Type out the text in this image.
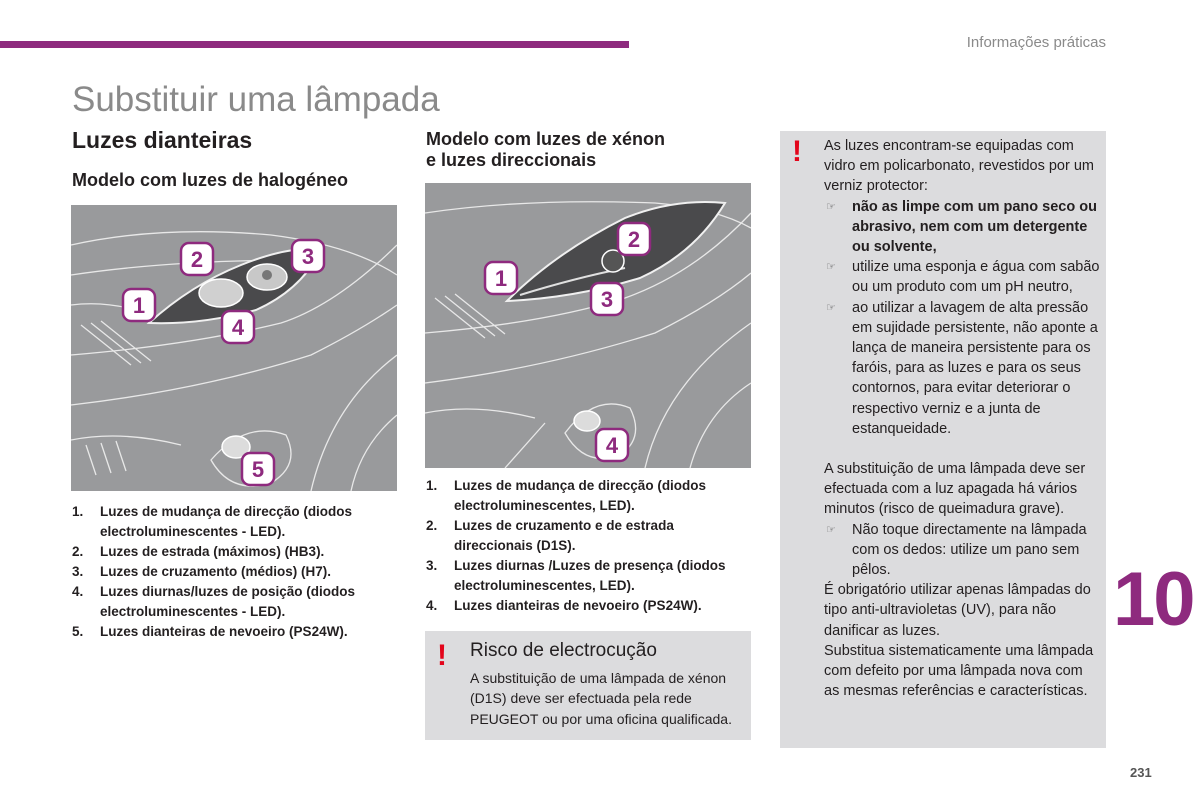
Informações práticas
Substituir uma lâmpada
Luzes dianteiras
Modelo com luzes de halogéneo
1
2	3
4
5
1. Luzes de mudança de direcção (diodos electroluminescentes - LED).
2. Luzes de estrada (máximos) (HB3).
3. Luzes de cruzamento (médios) (H7).
4. Luzes diurnas/luzes de posição (diodos electroluminescentes - LED).
5. Luzes dianteiras de nevoeiro (PS24W).
Modelo com luzes de xénon
e luzes direccionais
1
2
3
4
1. Luzes de mudança de direcção (diodos electroluminescentes, LED).
2. Luzes de cruzamento e de estrada direccionais (D1S).
3. Luzes diurnas /Luzes de presença (diodos electroluminescentes, LED).
4. Luzes dianteiras de nevoeiro (PS24W).
! Risco de electrocução
A substituição de uma lâmpada de xénon (D1S) deve ser efectuada pela rede PEUGEOT ou por uma oficina qualificada.
! As luzes encontram-se equipadas com vidro em policarbonato, revestidos por um verniz protector:

☞ não as limpe com um pano seco ou abrasivo, nem com um detergente ou solvente,
☞ utilize uma esponja e água com sabão ou um produto com um pH neutro,
☞ ao utilizar a lavagem de alta pressão em sujidade persistente, não aponte a lança de maneira persistente para os faróis, para as luzes e para os seus contornos, para evitar deteriorar o respectivo verniz e a junta de estanqueidade.

A substituição de uma lâmpada deve ser efectuada com a luz apagada há vários minutos (risco de queimadura grave).

☞ Não toque directamente na lâmpada com os dedos: utilize um pano sem pêlos.

É obrigatório utilizar apenas lâmpadas do tipo anti-ultravioletas (UV), para não danificar as luzes.

Substitua sistematicamente uma lâmpada com defeito por uma lâmpada nova com as mesmas referências e características.

10
231
